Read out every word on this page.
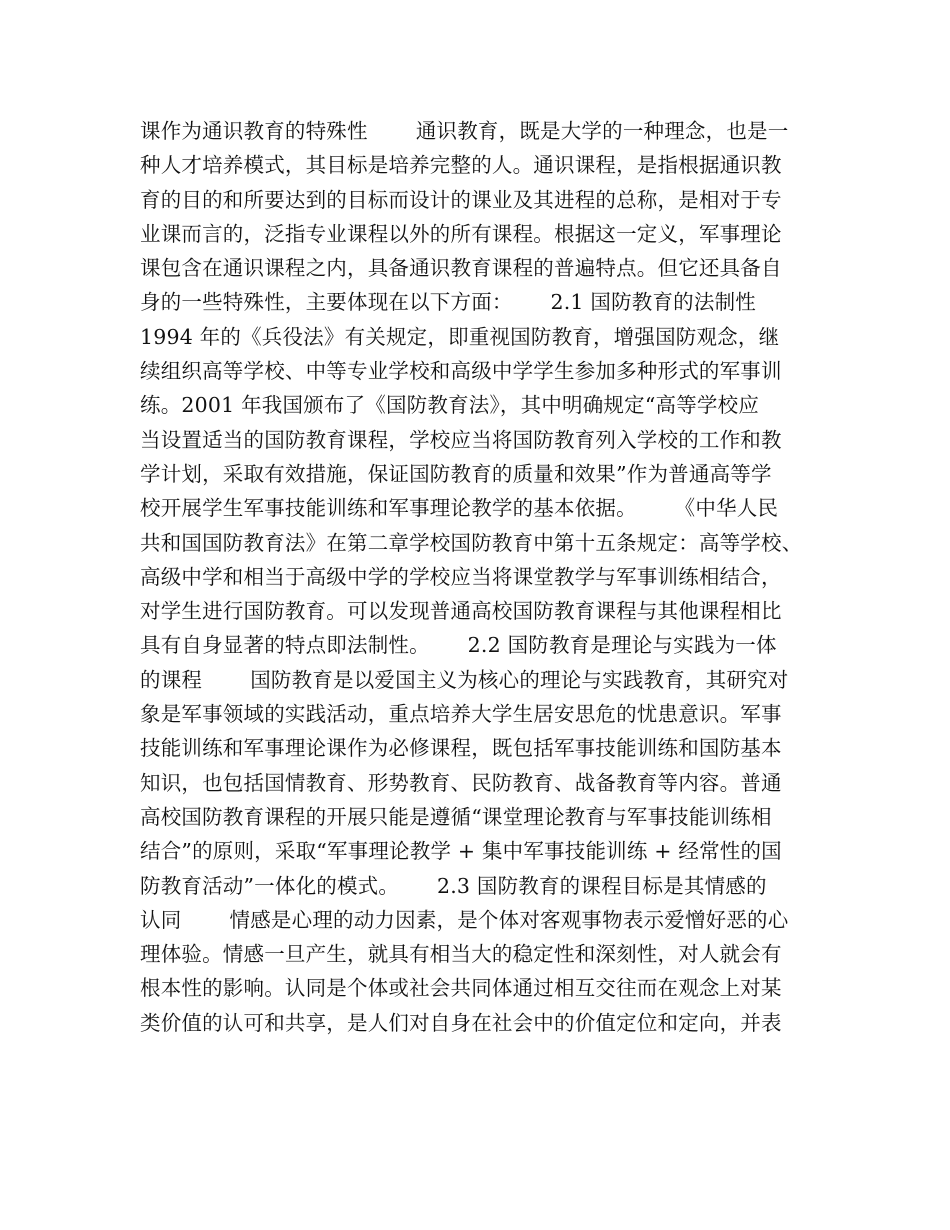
课作为通识教育的特殊性　　 通识教育，既是大学的一种理念，也是一
种人才培养模式，其目标是培养完整的人。通识课程，是指根据通识教
育的目的和所要达到的目标而设计的课业及其进程的总称，是相对于专
业课而言的，泛指专业课程以外的所有课程。根据这一定义，军事理论
课包含在通识课程之内，具备通识教育课程的普遍特点。但它还具备自
身的一些特殊性，主要体现在以下方面：　　 2.1 国防教育的法制性
1994 年的《兵役法》有关规定，即重视国防教育，增强国防观念，继
续组织高等学校、中等专业学校和高级中学学生参加多种形式的军事训
练。2001 年我国颁布了《国防教育法》，其中明确规定“高等学校应
当设置适当的国防教育课程，学校应当将国防教育列入学校的工作和教
学计划，采取有效措施，保证国防教育的质量和效果”作为普通高等学
校开展学生军事技能训练和军事理论教学的基本依据。　　 《中华人民
共和国国防教育法》在第二章学校国防教育中第十五条规定：高等学校、
高级中学和相当于高级中学的学校应当将课堂教学与军事训练相结合，
对学生进行国防教育。可以发现普通高校国防教育课程与其他课程相比
具有自身显著的特点即法制性。　　 2.2 国防教育是理论与实践为一体
的课程　　 国防教育是以爱国主义为核心的理论与实践教育，其研究对
象是军事领域的实践活动，重点培养大学生居安思危的忧患意识。军事
技能训练和军事理论课作为必修课程，既包括军事技能训练和国防基本
知识，也包括国情教育、形势教育、民防教育、战备教育等内容。普通
高校国防教育课程的开展只能是遵循“课堂理论教育与军事技能训练相
结合”的原则，采取“军事理论教学 + 集中军事技能训练 + 经常性的国
防教育活动”一体化的模式。　　 2.3 国防教育的课程目标是其情感的
认同　　 情感是心理的动力因素，是个体对客观事物表示爱憎好恶的心
理体验。情感一旦产生，就具有相当大的稳定性和深刻性，对人就会有
根本性的影响。认同是个体或社会共同体通过相互交往而在观念上对某
类价值的认可和共享，是人们对自身在社会中的价值定位和定向，并表
